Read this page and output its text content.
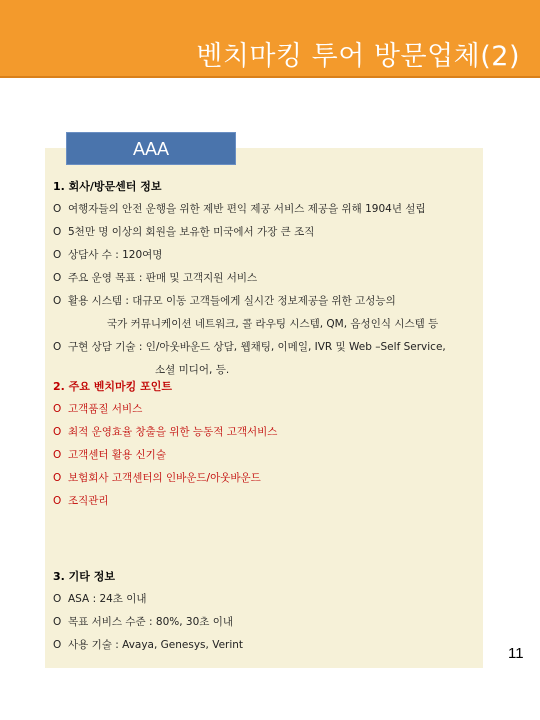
벤치마킹 투어 방문업체(2)
AAA
1. 회사/방문센터 정보
O 여행자들의 안전 운행을 위한 제반 편익 제공 서비스 제공을 위해 1904년 설립
O 5천만 명 이상의 회원을 보유한 미국에서 가장 큰 조직
O 상담사 수 : 120여명
O 주요 운영 목표 : 판매 및 고객지원 서비스
O 활용 시스템 : 대규모 이동 고객들에게 실시간 정보제공을 위한 고성능의
국가 커뮤니케이션 네트워크, 콜 라우팅 시스템, QM, 음성인식 시스템 등
O 구현 상담 기술 : 인/아웃바운드 상담, 웹채팅, 이메일, IVR 및 Web –Self Service,
소셜 미디어, 등.
2. 주요 벤치마킹 포인트
O 고객품질 서비스
O 최적 운영효율 창출을 위한 능동적 고객서비스
O 고객센터 활용 신기술
O 보험회사 고객센터의 인바운드/아웃바운드
O 조직관리
3. 기타 정보
O ASA : 24초 이내
O 목표 서비스 수준 : 80%, 30초 이내
O 사용 기술 : Avaya, Genesys, Verint	11
